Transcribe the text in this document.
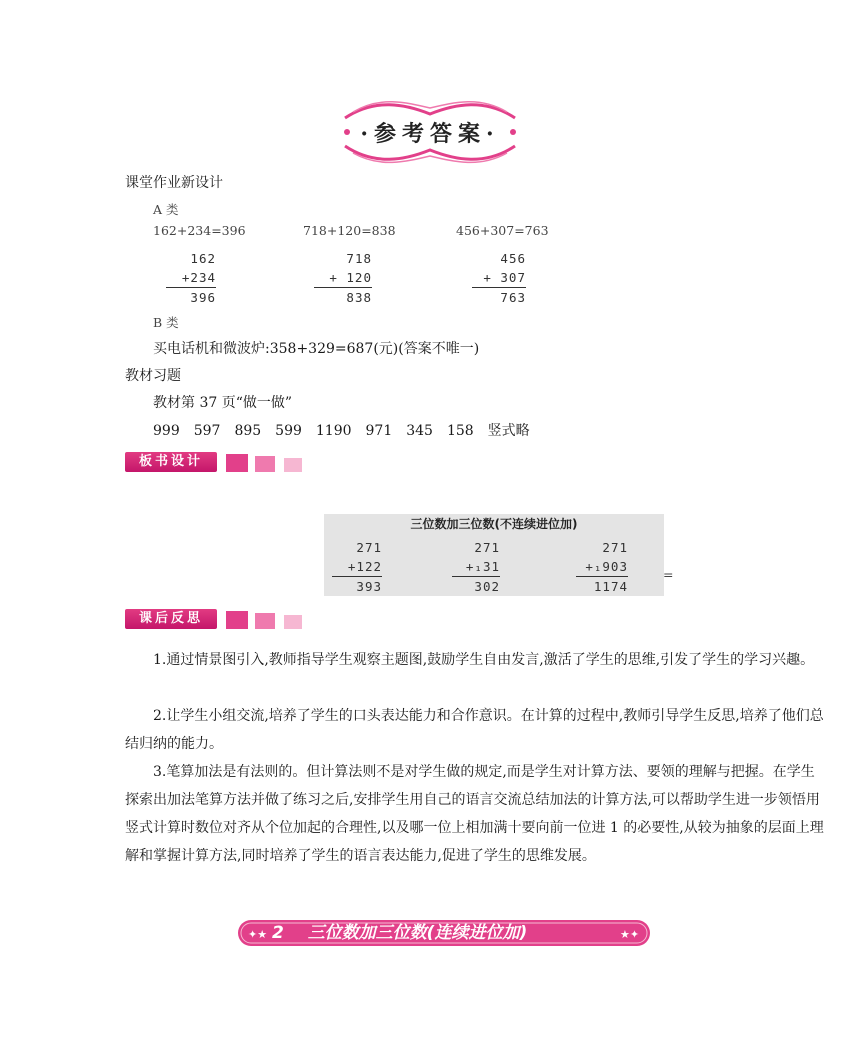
·参考答案·
课堂作业新设计
A 类
162+234=396	718+120=838	456+307=763
162
+234
396
718
+ 120
838
456
+ 307
763
B 类
买电话机和微波炉:358+329=687(元)(答案不唯一)
教材习题
教材第 37 页“做一做”
999　597　895　599　1190　971　345　158　竖式略
板书设计
三位数加三位数(不连续进位加)
271
+122
393
271
+₁31
302
271
+₁903
1174
=
课后反思
1.通过情景图引入,教师指导学生观察主题图,鼓励学生自由发言,激活了学生的思维,引发了学生的学习兴趣。
2.让学生小组交流,培养了学生的口头表达能力和合作意识。在计算的过程中,教师引导学生反思,培养了他们总结归纳的能力。
3.笔算加法是有法则的。但计算法则不是对学生做的规定,而是学生对计算方法、要领的理解与把握。在学生探索出加法笔算方法并做了练习之后,安排学生用自己的语言交流总结加法的计算方法,可以帮助学生进一步领悟用竖式计算时数位对齐从个位加起的合理性,以及哪一位上相加满十要向前一位进 1 的必要性,从较为抽象的层面上理解和掌握计算方法,同时培养了学生的语言表达能力,促进了学生的思维发展。
✦★	★✦
2 三位数加三位数(连续进位加)
